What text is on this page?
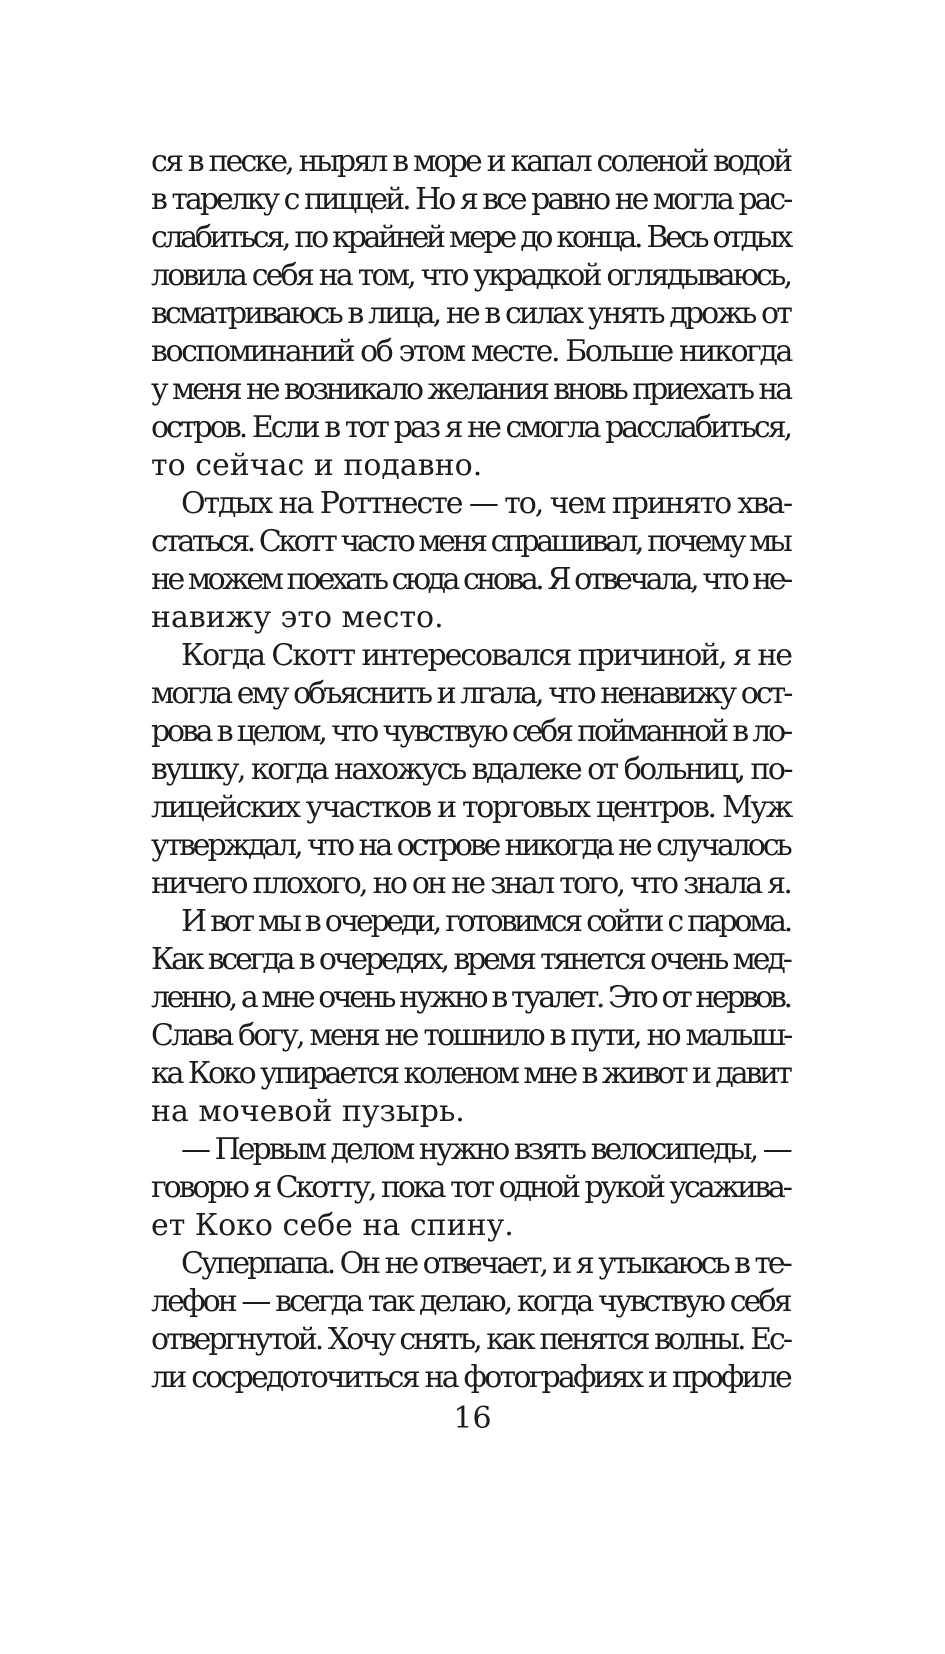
ся в песке, нырял в море и капал соленой водой
в тарелку с пиццей. Но я все равно не могла рас-
слабиться, по крайней мере до конца. Весь отдых
ловила себя на том, что украдкой оглядываюсь,
всматриваюсь в лица, не в силах унять дрожь от
воспоминаний об этом месте. Больше никогда
у меня не возникало желания вновь приехать на
остров. Если в тот раз я не смогла расслабиться,
то сейчас и подавно.
Отдых на Роттнесте — то, чем принято хва-
статься. Скотт часто меня спрашивал, почему мы
не можем поехать сюда снова. Я отвечала, что не-
навижу это место.
Когда Скотт интересовался причиной, я не
могла ему объяснить и лгала, что ненавижу ост-
рова в целом, что чувствую себя пойманной в ло-
вушку, когда нахожусь вдалеке от больниц, по-
лицейских участков и торговых центров. Муж
утверждал, что на острове никогда не случалось
ничего плохого, но он не знал того, что знала я.
И вот мы в очереди, готовимся сойти с парома.
Как всегда в очередях, время тянется очень мед-
ленно, а мне очень нужно в туалет. Это от нервов.
Слава богу, меня не тошнило в пути, но малыш-
ка Коко упирается коленом мне в живот и давит
на мочевой пузырь.
— Первым делом нужно взять велосипеды, —
говорю я Скотту, пока тот одной рукой усажива-
ет Коко себе на спину.
Суперпапа. Он не отвечает, и я утыкаюсь в те-
лефон — всегда так делаю, когда чувствую себя
отвергнутой. Хочу снять, как пенятся волны. Ес-
ли сосредоточиться на фотографиях и профиле
16
